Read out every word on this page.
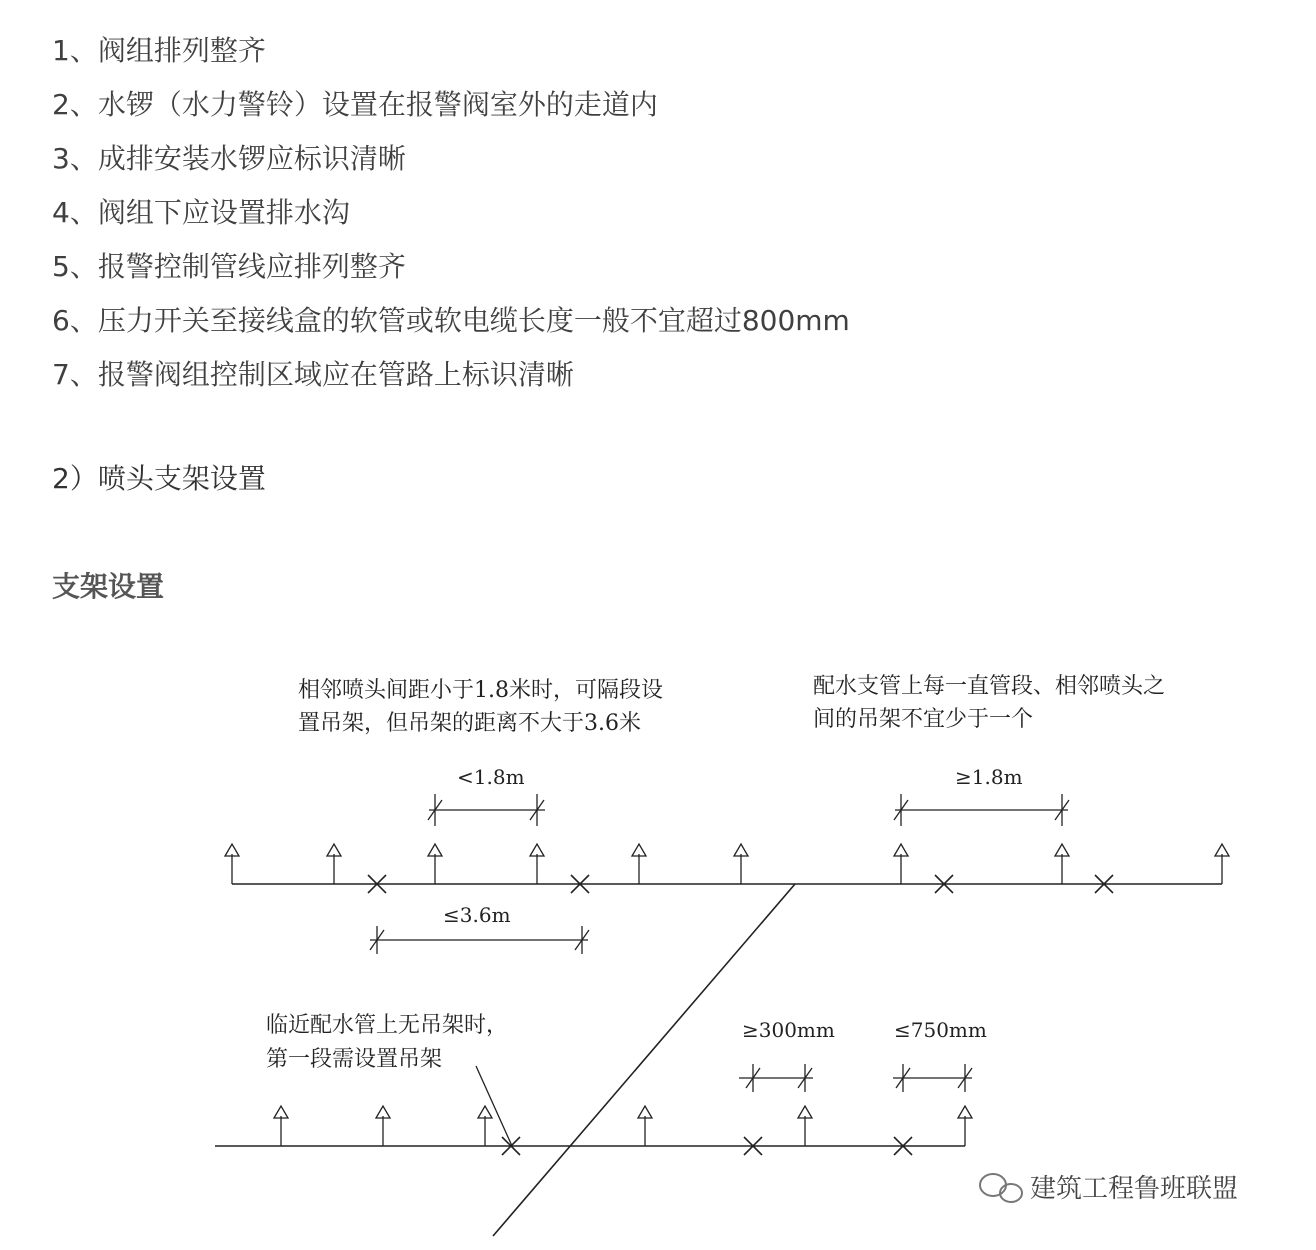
1、阀组排列整齐
2、水锣（水力警铃）设置在报警阀室外的走道内
3、成排安装水锣应标识清晰
4、阀组下应设置排水沟
5、报警控制管线应排列整齐
6、压力开关至接线盒的软管或软电缆长度一般不宜超过800mm
7、报警阀组控制区域应在管路上标识清晰
2）喷头支架设置
支架设置
相邻喷头间距小于1.8米时，可隔段设
置吊架，但吊架的距离不大于3.6米
配水支管上每一直管段、相邻喷头之
间的吊架不宜少于一个
<1.8m	≥1.8m
≤3.6m
临近配水管上无吊架时，
第一段需设置吊架
≥300mm	≤750mm
建筑工程鲁班联盟
